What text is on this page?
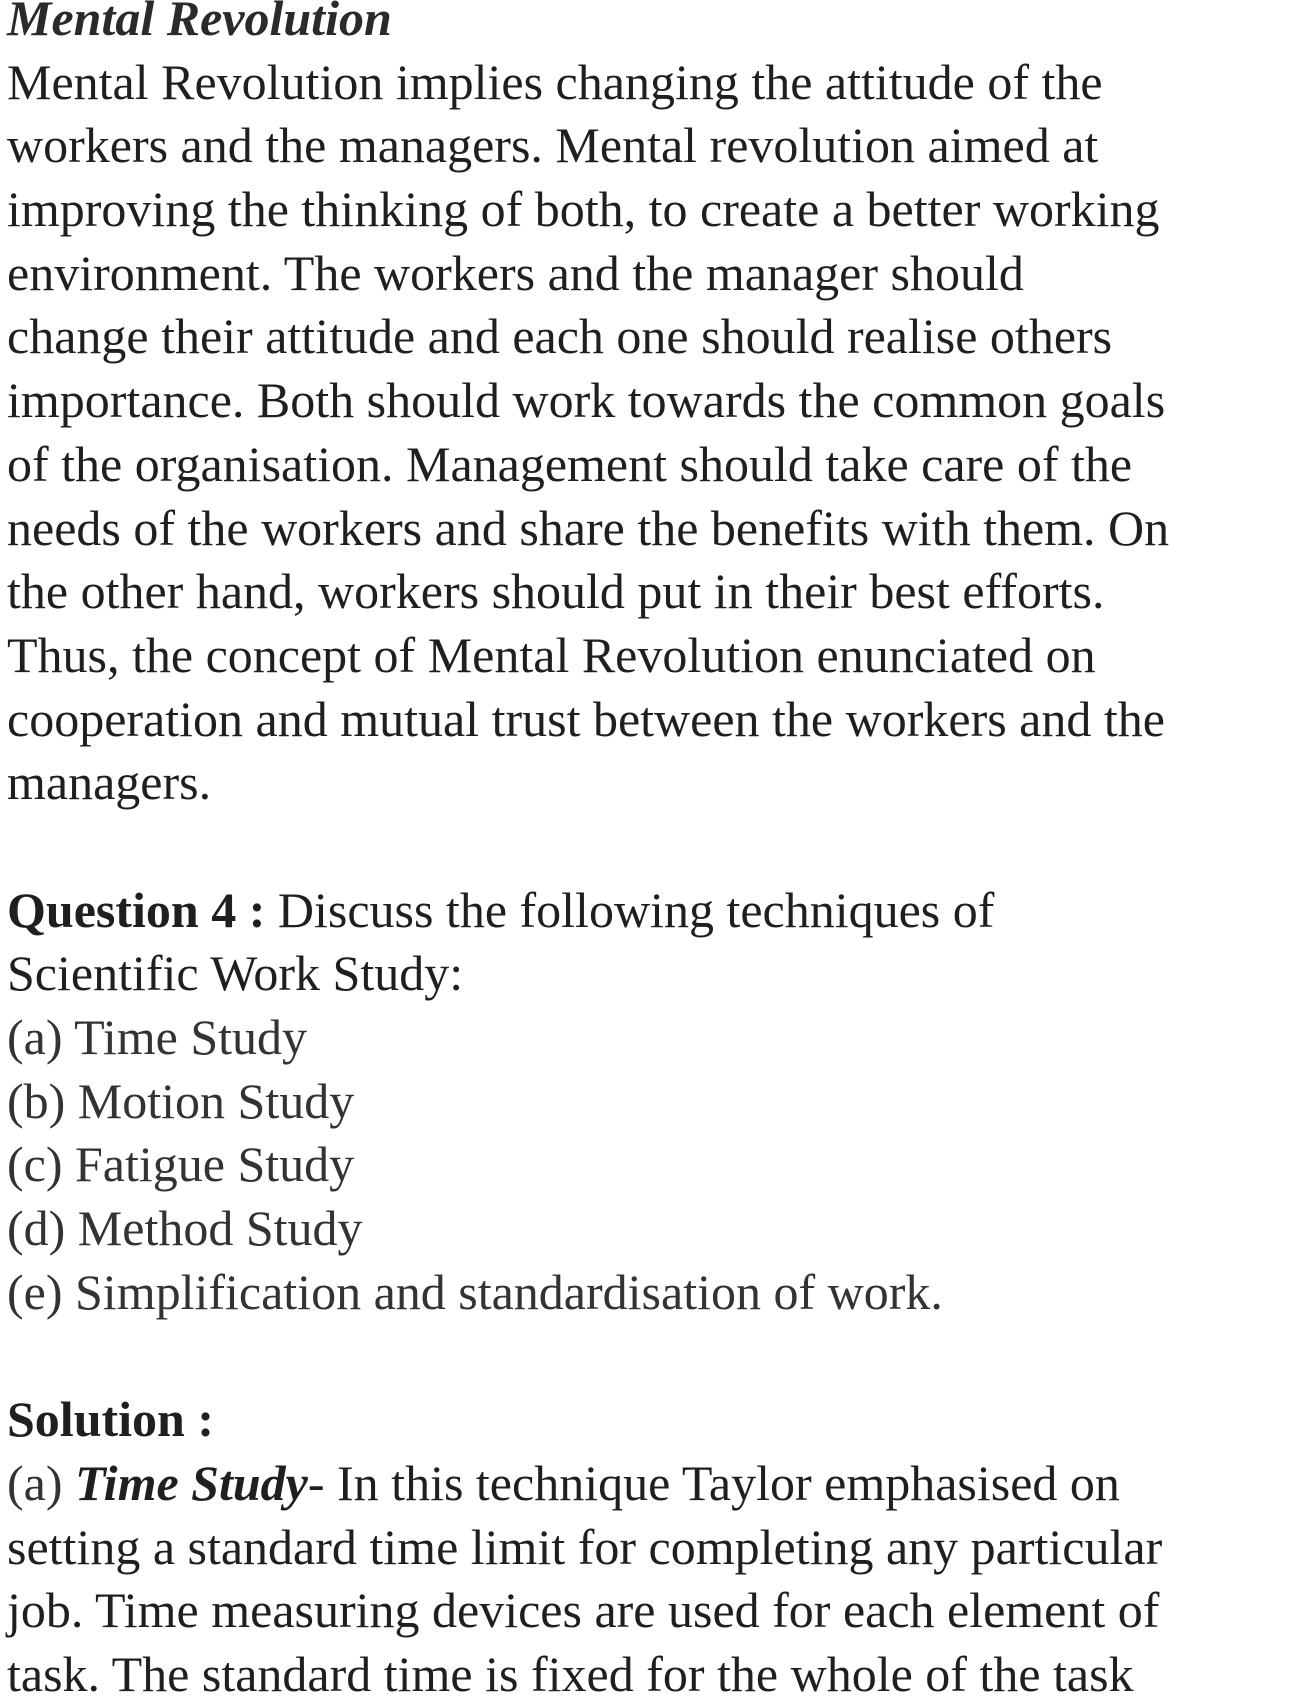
Mental Revolution
Mental Revolution implies changing the attitude of the
workers and the managers. Mental revolution aimed at
improving the thinking of both, to create a better working
environment. The workers and the manager should
change their attitude and each one should realise others
importance. Both should work towards the common goals
of the organisation. Management should take care of the
needs of the workers and share the benefits with them. On
the other hand, workers should put in their best efforts.
Thus, the concept of Mental Revolution enunciated on
cooperation and mutual trust between the workers and the
managers.
Question 4 : Discuss the following techniques of
Scientific Work Study:
(a) Time Study
(b) Motion Study
(c) Fatigue Study
(d) Method Study
(e) Simplification and standardisation of work.
Solution :
(a) Time Study- In this technique Taylor emphasised on
setting a standard time limit for completing any particular
job. Time measuring devices are used for each element of
task. The standard time is fixed for the whole of the task
